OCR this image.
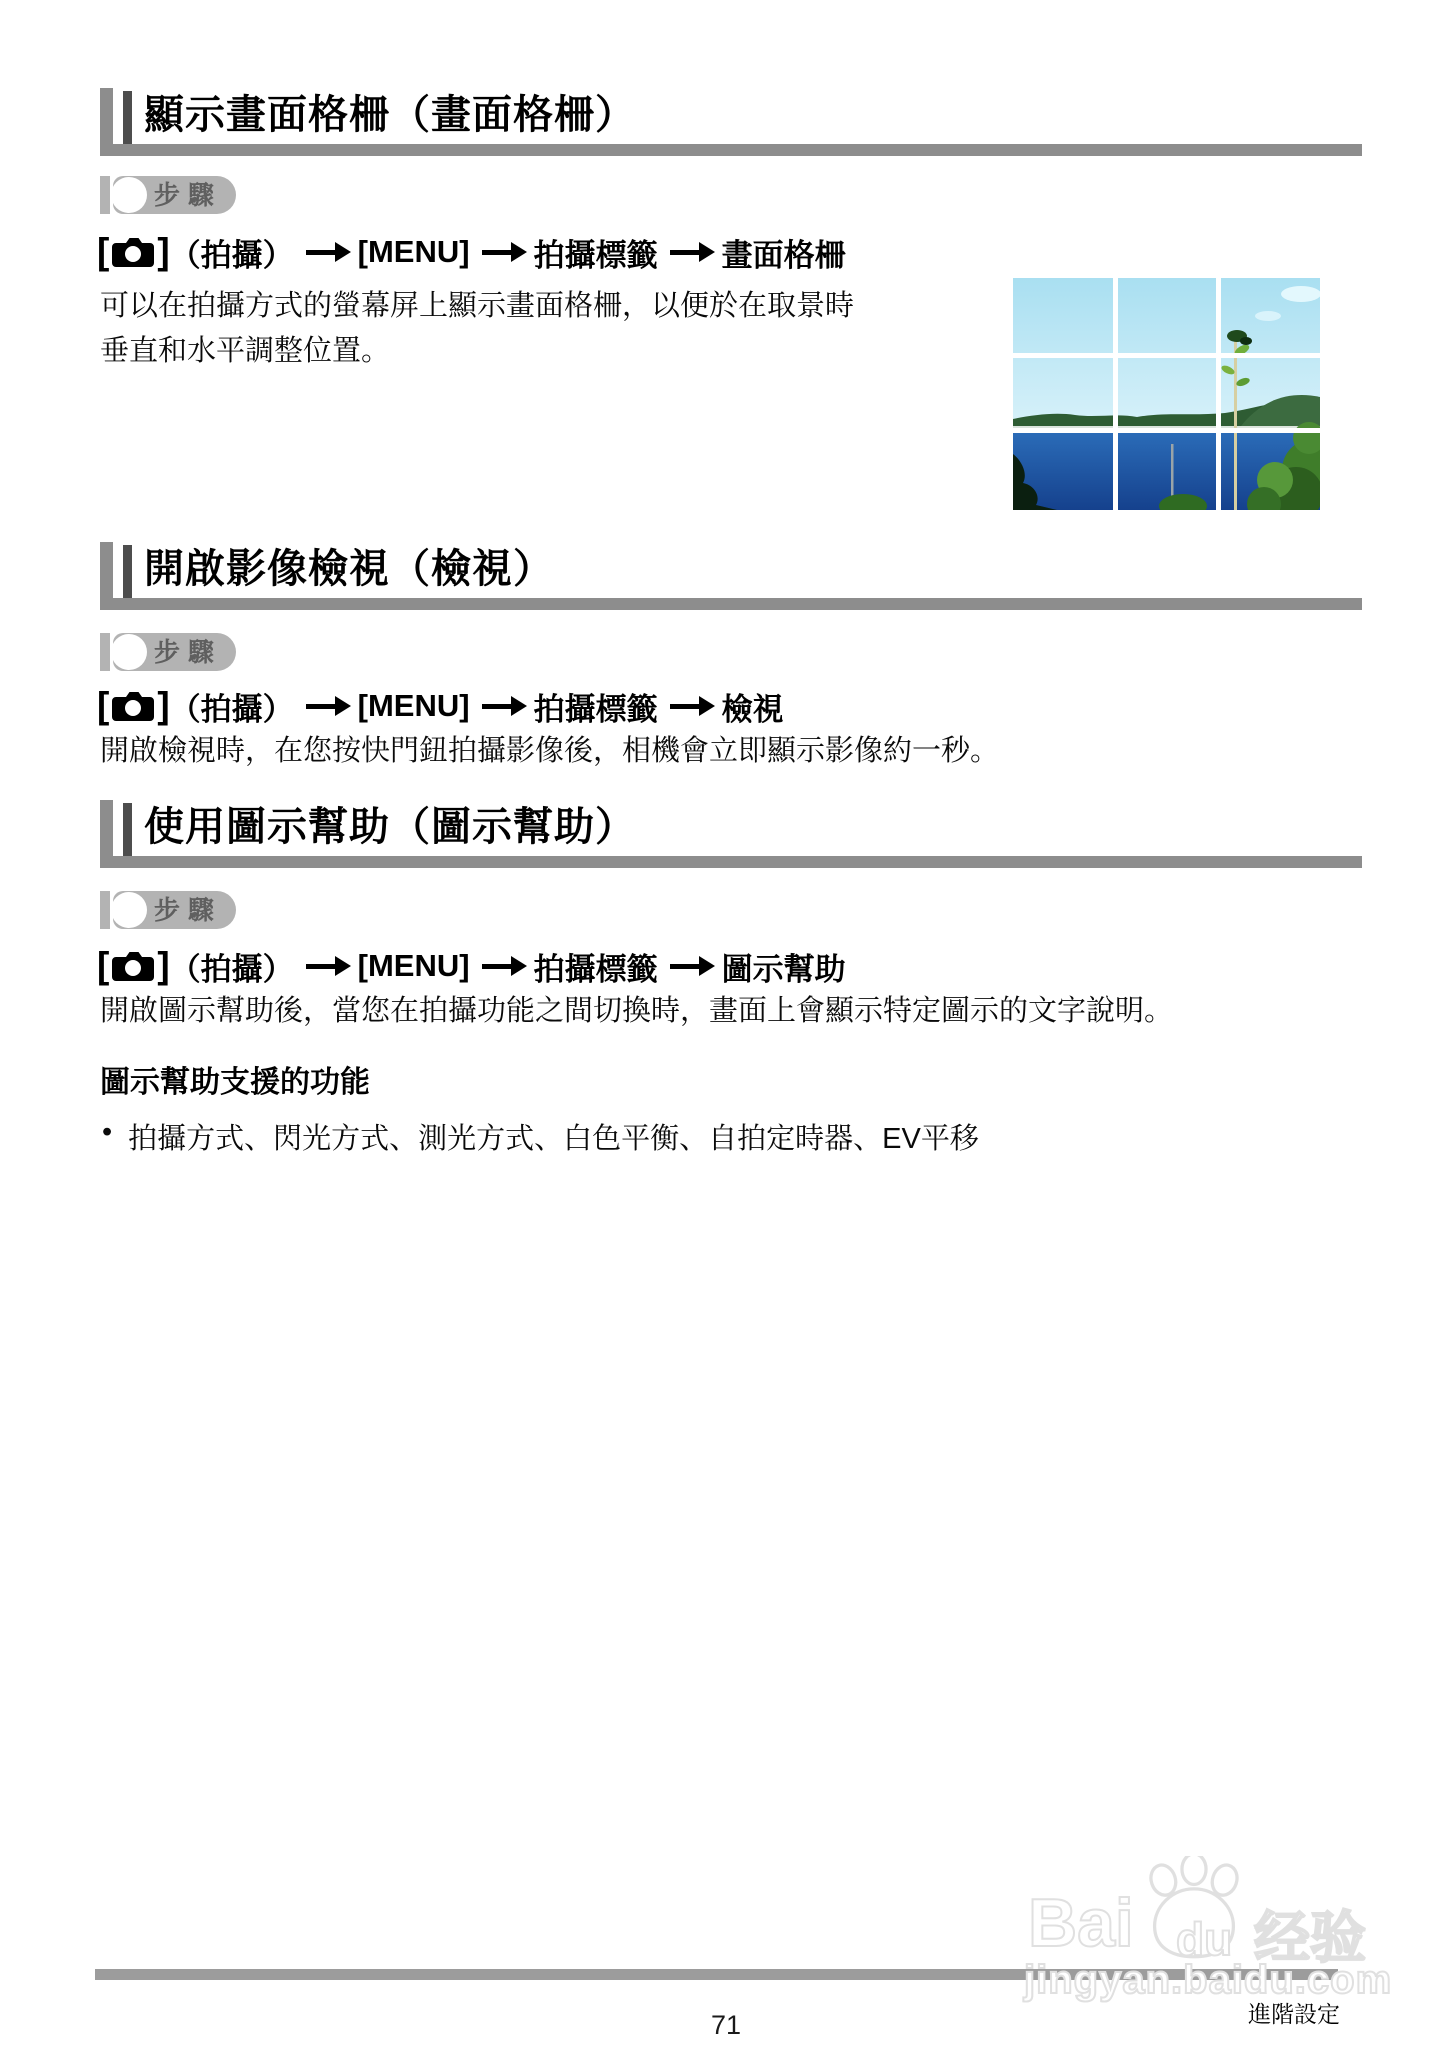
顯示畫面格柵（畫面格柵）
步驟
[ ] （拍攝） [MENU] 拍攝標籤 畫面格柵
可以在拍攝方式的螢幕屏上顯示畫面格柵，以便於在取景時
垂直和水平調整位置。
開啟影像檢視（檢視）
步驟
[ ] （拍攝） [MENU] 拍攝標籤 檢視
開啟檢視時，在您按快門鈕拍攝影像後，相機會立即顯示影像約一秒。
使用圖示幫助（圖示幫助）
步驟
[ ] （拍攝） [MENU] 拍攝標籤 圖示幫助
開啟圖示幫助後，當您在拍攝功能之間切換時，畫面上會顯示特定圖示的文字說明。
圖示幫助支援的功能
• 拍攝方式、閃光方式、測光方式、白色平衡、自拍定時器、EV平移
Bai du 经验
jingyan.baidu.com
進階設定
71
